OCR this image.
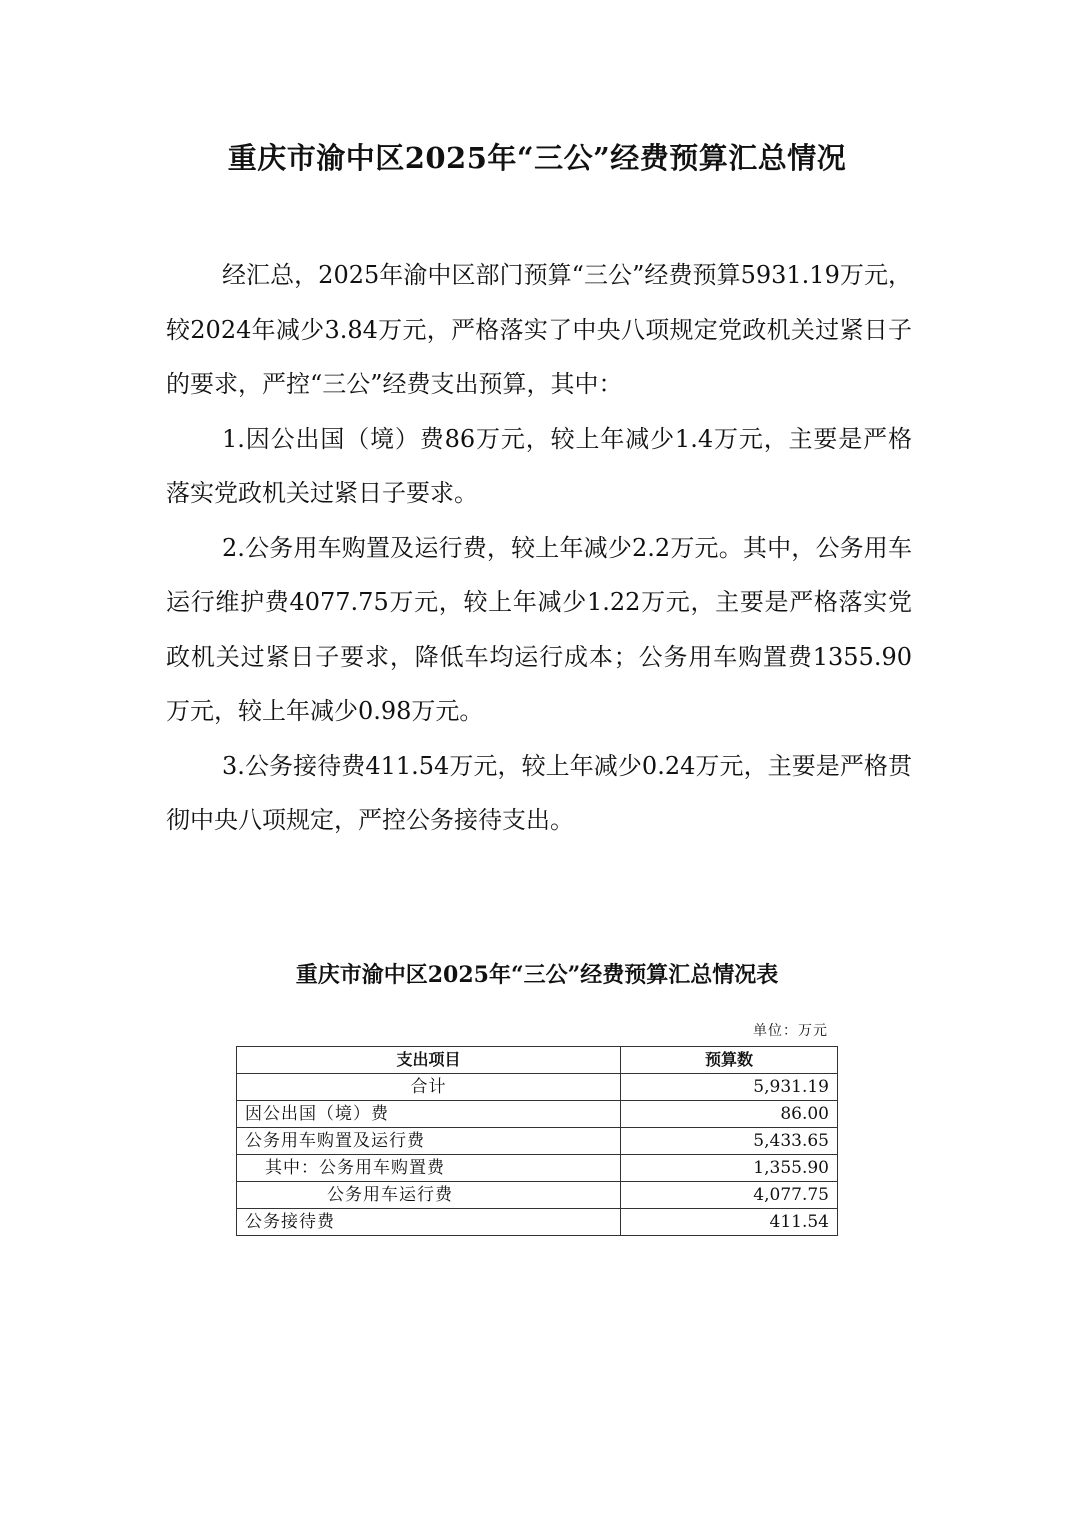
重庆市渝中区2025年“三公”经费预算汇总情况

经汇总，2025年渝中区部门预算“三公”经费预算5931.19万元，较2024年减少3.84万元，严格落实了中央八项规定党政机关过紧日子的要求，严控“三公”经费支出预算，其中：

1.因公出国（境）费86万元，较上年减少1.4万元，主要是严格落实党政机关过紧日子要求。

2.公务用车购置及运行费，较上年减少2.2万元。其中，公务用车运行维护费4077.75万元，较上年减少1.22万元，主要是严格落实党政机关过紧日子要求，降低车均运行成本；公务用车购置费1355.90万元，较上年减少0.98万元。

3.公务接待费411.54万元，较上年减少0.24万元，主要是严格贯彻中央八项规定，严控公务接待支出。

重庆市渝中区2025年“三公”经费预算汇总情况表
单位：万元
支出项目	预算数
合计	5,931.19
因公出国（境）费	86.00
公务用车购置及运行费	5,433.65
其中：公务用车购置费	1,355.90
公务用车运行费	4,077.75
公务接待费	411.54
